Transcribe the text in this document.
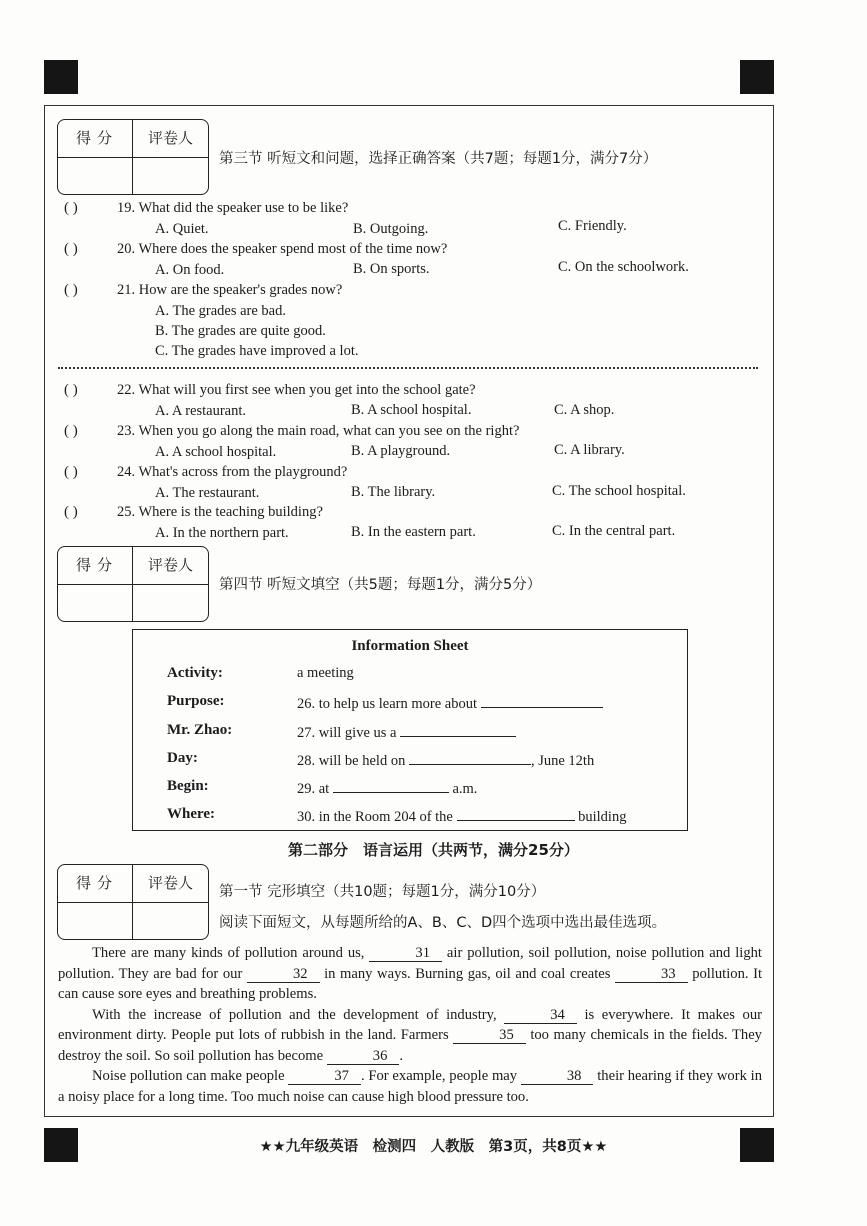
得分 评卷人
第三节 听短文和问题，选择正确答案（共7题；每题1分，满分7分）
( )	19. What did the speaker use to be like?
A. Quiet.	B. Outgoing.	C. Friendly.
( )	20. Where does the speaker spend most of the time now?
A. On food.	B. On sports.	C. On the schoolwork.
( )	21. How are the speaker's grades now?
A. The grades are bad.
B. The grades are quite good.
C. The grades have improved a lot.
( )	22. What will you first see when you get into the school gate?
A. A restaurant.	B. A school hospital.	C. A shop.
( )	23. When you go along the main road, what can you see on the right?
A. A school hospital.	B. A playground.	C. A library.
( )	24. What's across from the playground?
A. The restaurant.	B. The library.	C. The school hospital.
( )	25. Where is the teaching building?
A. In the northern part.	B. In the eastern part.	C. In the central part.
得分 评卷人
第四节 听短文填空（共5题；每题1分，满分5分）
Information Sheet
Activity:	a meeting
Purpose:	26. to help us learn more about
Mr. Zhao:	27. will give us a
Day:	28. will be held on	, June 12th
Begin:	29. at	a.m.
Where:	30. in the Room 204 of the	building
第二部分　语言运用（共两节，满分25分）
得分 评卷人 第一节 完形填空（共10题；每题1分，满分10分）
阅读下面短文，从每题所给的A、B、C、D四个选项中选出最佳选项。

There are many kinds of pollution around us,	31 air pollution, soil pollution, noise pollution and light pollution. They are bad for our	32 in many ways. Burning gas, oil and coal creates	33 pollution. It can cause sore eyes and breathing problems.

With the increase of pollution and the development of industry,	34 is everywhere. It makes our environment dirty. People put lots of rubbish in the land. Farmers	35 too many chemicals in the fields. They destroy the soil. So soil pollution has become	36 .

Noise pollution can make people	37 . For example, people may	38 their hearing if they work in a noisy place for a long time. Too much noise can cause high blood pressure too.

★★九年级英语　检测四　人教版　第3页，共8页★★
